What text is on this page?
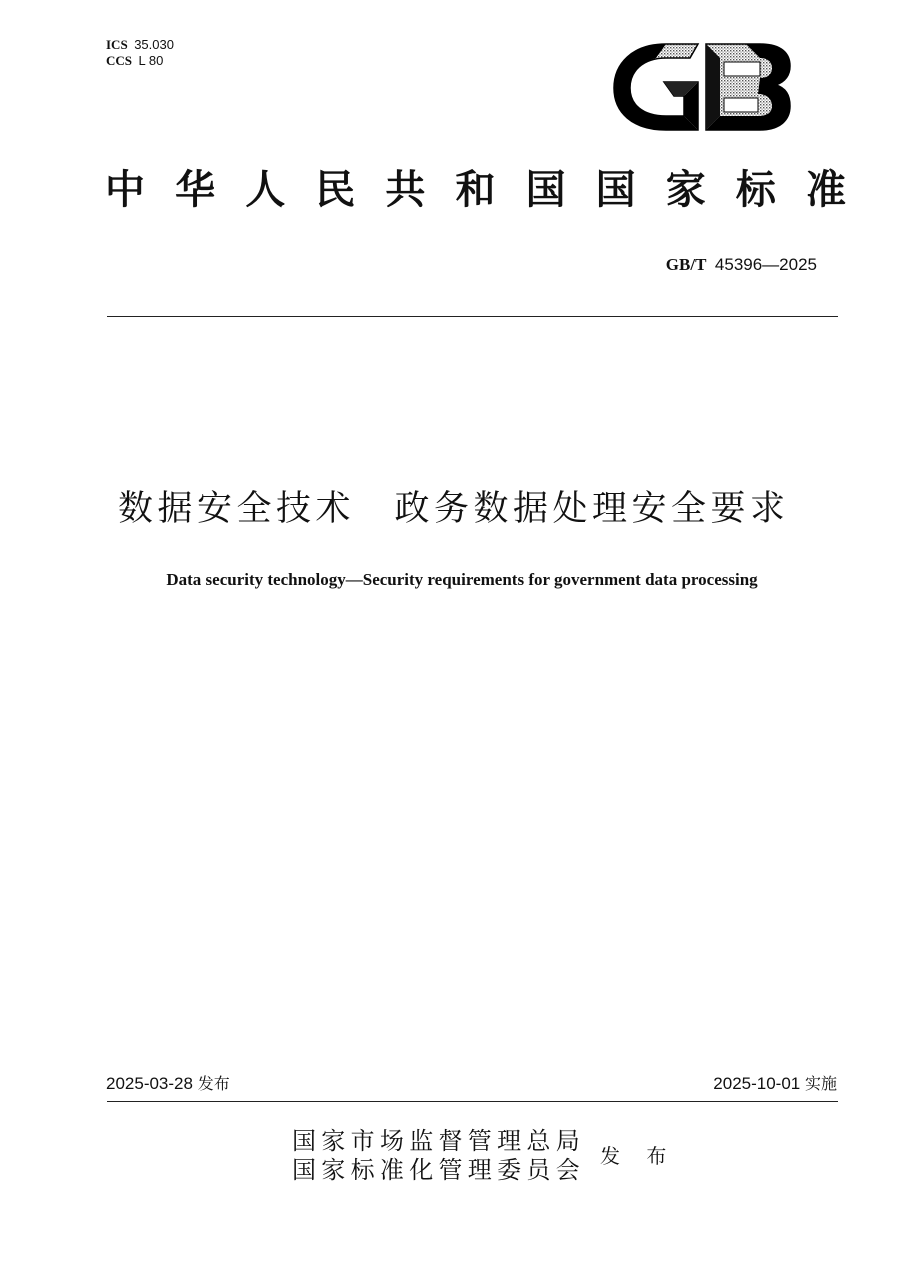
ICS 35.030
CCS L 80
中 华 人 民 共 和 国 国 家 标 准
GB/T 45396—2025
数据安全技术　政务数据处理安全要求
Data security technology—Security requirements for government data processing
2025-03-28 发布	2025-10-01 实施
国家市场监督管理总局
国家标准化管理委员会 发 布
